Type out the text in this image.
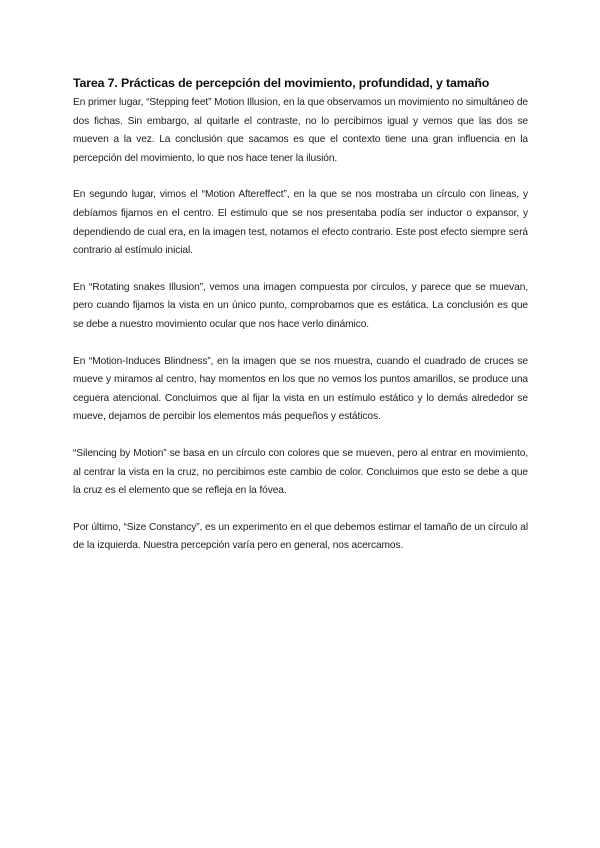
Tarea 7. Prácticas de percepción del movimiento, profundidad, y tamaño

En primer lugar, “Stepping feet” Motion Illusion, en la que observamos un movimiento no simultáneo de dos fichas. Sin embargo, al quitarle el contraste, no lo percibimos igual y vemos que las dos se mueven a la vez. La conclusión que sacamos es que el contexto tiene una gran influencia en la percepción del movimiento, lo que nos hace tener la ilusión.

En segundo lugar, vimos el “Motion Aftereffect”, en la que se nos mostraba un círculo con líneas, y debíamos fijarnos en el centro. El estimulo que se nos presentaba podía ser inductor o expansor, y dependiendo de cual era, en la imagen test, notamos el efecto contrario. Este post efecto siempre será contrario al estímulo inicial.

En “Rotating snakes Illusion”, vemos una imagen compuesta por círculos, y parece que se muevan, pero cuando fijamos la vista en un único punto, comprobamos que es estática. La conclusión es que se debe a nuestro movimiento ocular que nos hace verlo dinámico.

En “Motion-Induces Blindness”, en la imagen que se nos muestra, cuando el cuadrado de cruces se mueve y miramos al centro, hay momentos en los que no vemos los puntos amarillos, se produce una ceguera atencional. Concluimos que al fijar la vista en un estímulo estático y lo demás alrededor se mueve, dejamos de percibir los elementos más pequeños y estáticos.

“Silencing by Motion” se basa en un círculo con colores que se mueven, pero al entrar en movimiento, al centrar la vista en la cruz, no percibimos este cambio de color. Concluimos que esto se debe a que la cruz es el elemento que se refleja en la fóvea.

Por último, “Size Constancy”, es un experimento en el que debemos estimar el tamaño de un círculo al de la izquierda. Nuestra percepción varía pero en general, nos acercamos.
